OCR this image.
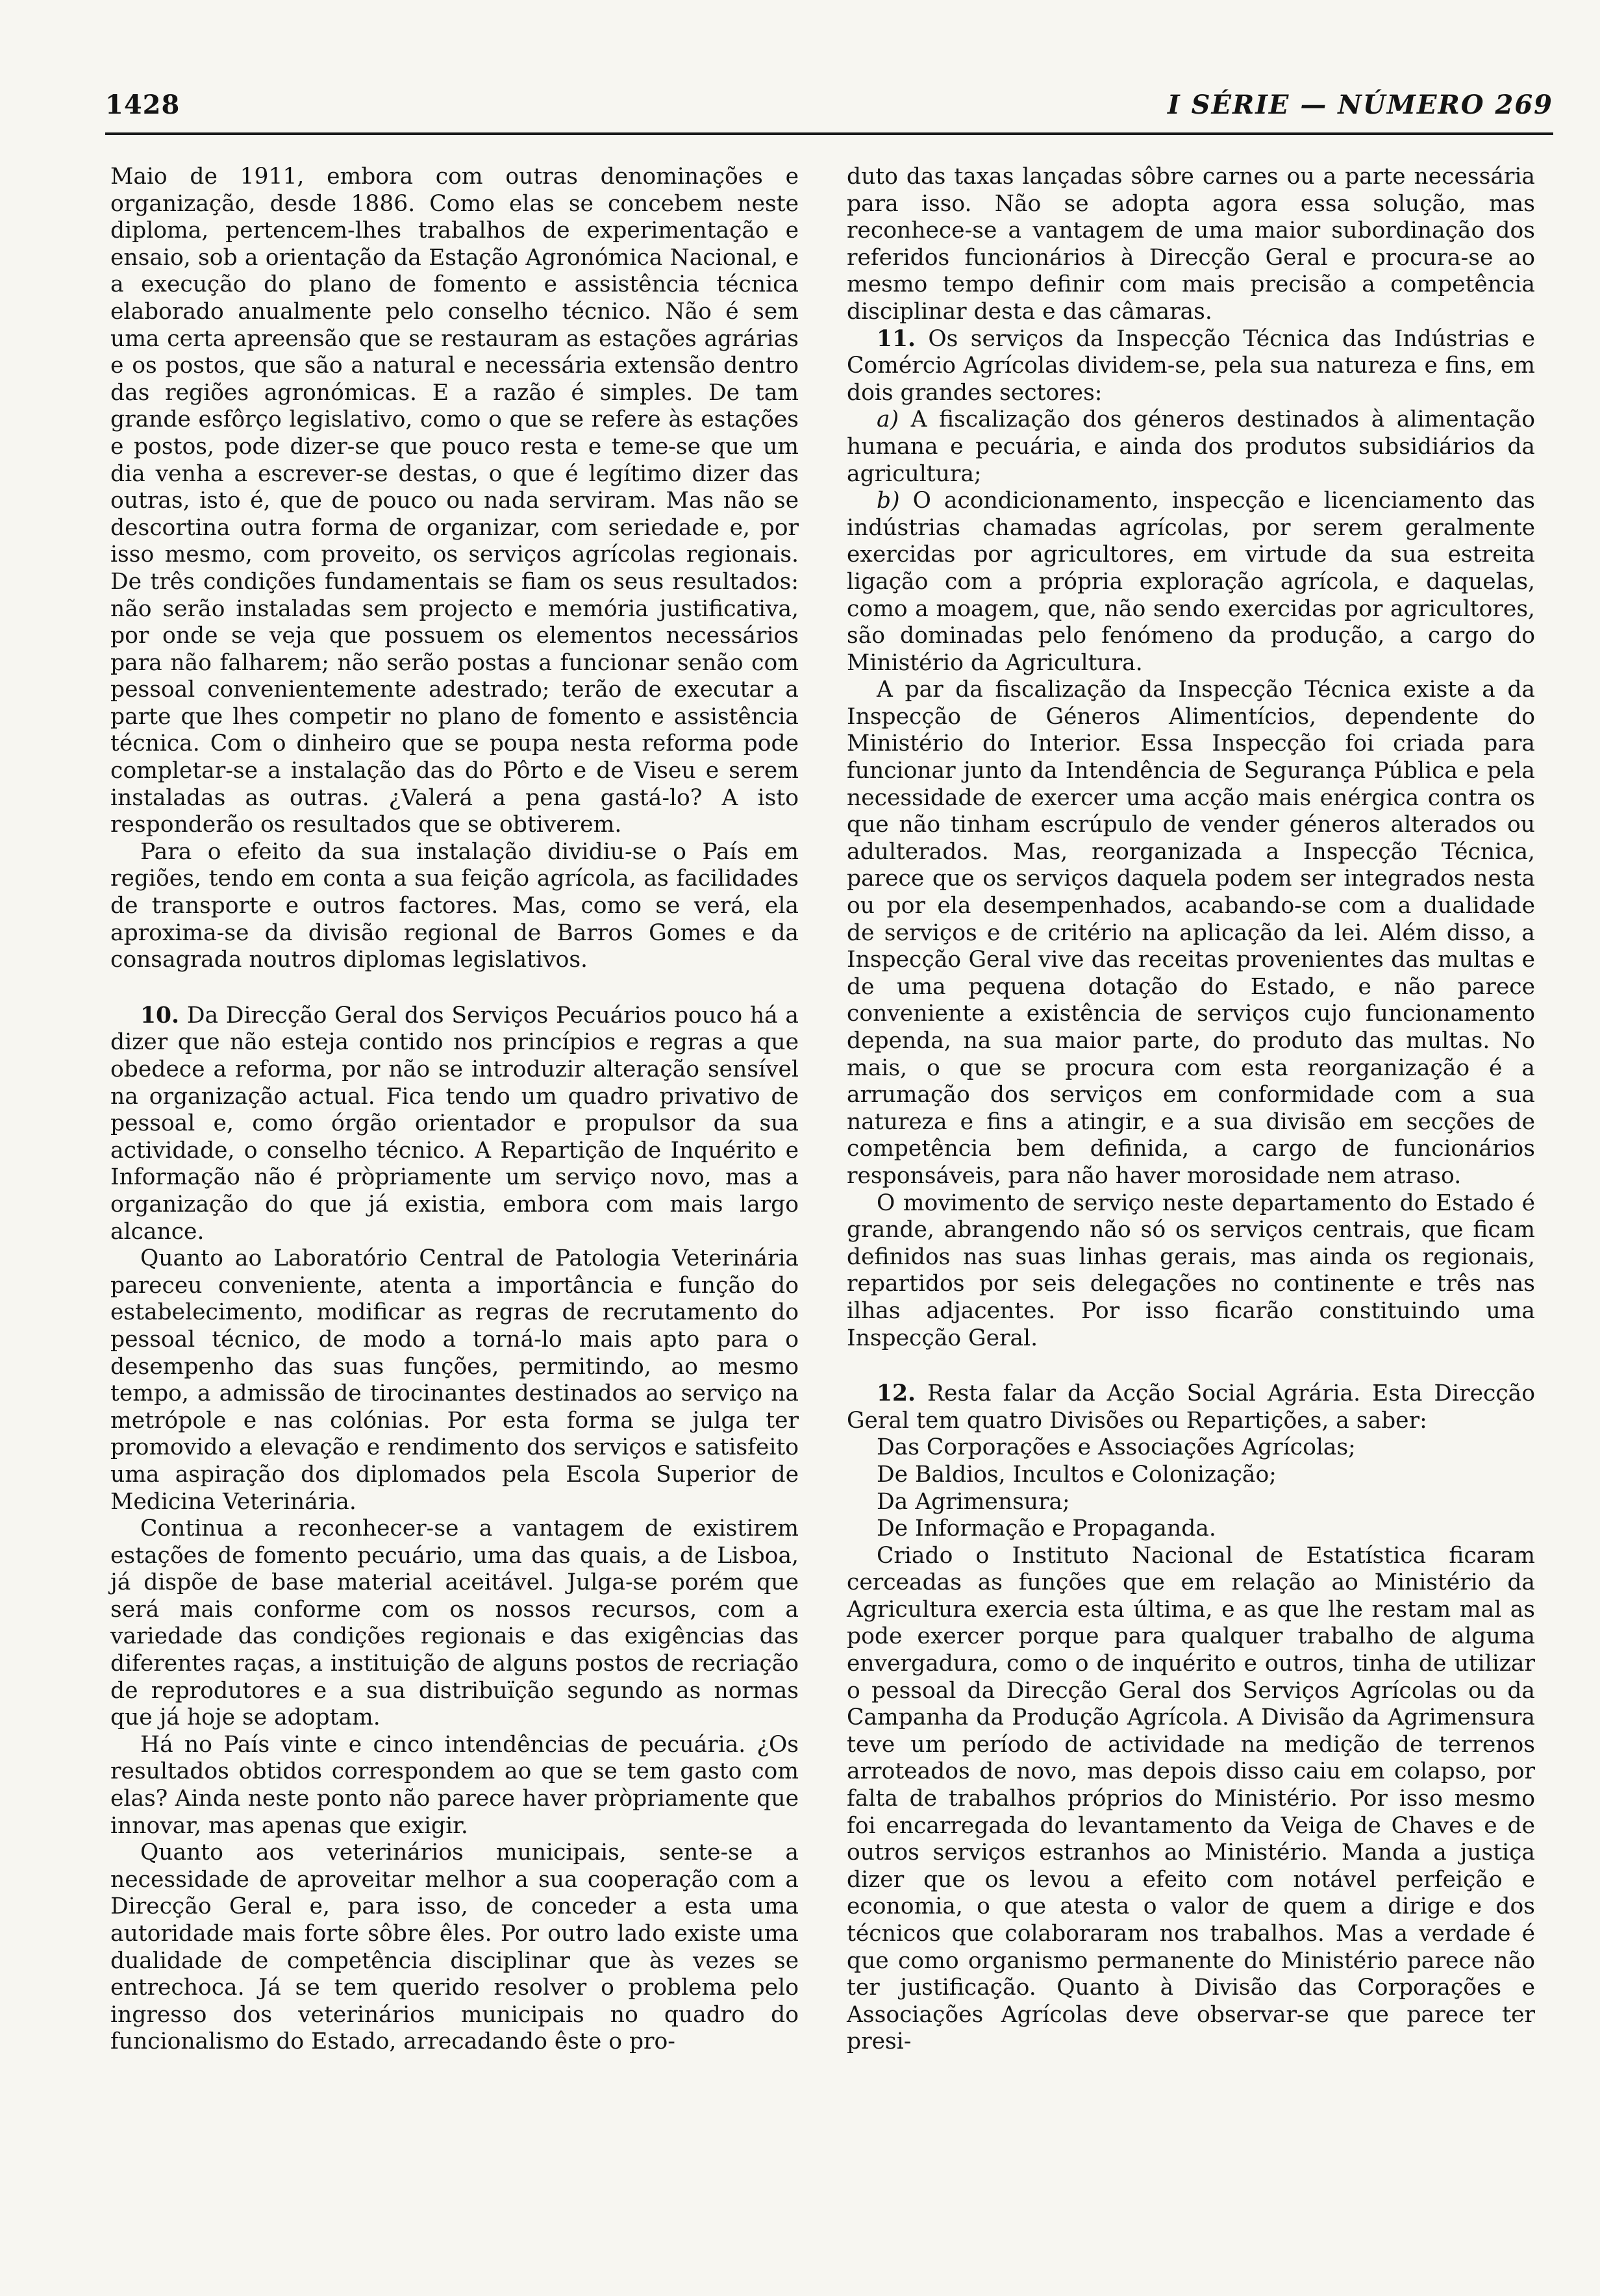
1428	I SÉRIE — NÚMERO 269

Maio de 1911, embora com outras denominações e organização, desde 1886. Como elas se concebem neste diploma, pertencem-lhes trabalhos de experimentação e ensaio, sob a orientação da Estação Agronómica Nacional, e a execução do plano de fomento e assistência técnica elaborado anualmente pelo conselho técnico. Não é sem uma certa apreensão que se restauram as estações agrárias e os postos, que são a natural e necessária extensão dentro das regiões agronómicas. E a razão é simples. De tam grande esfôrço legislativo, como o que se refere às estações e postos, pode dizer-se que pouco resta e teme-se que um dia venha a escrever-se destas, o que é legítimo dizer das outras, isto é, que de pouco ou nada serviram. Mas não se descortina outra forma de organizar, com seriedade e, por isso mesmo, com proveito, os serviços agrícolas regionais. De três condições fundamentais se fiam os seus resultados: não serão instaladas sem projecto e memória justificativa, por onde se veja que possuem os elementos necessários para não falharem; não serão postas a funcionar senão com pessoal convenientemente adestrado; terão de executar a parte que lhes competir no plano de fomento e assistência técnica. Com o dinheiro que se poupa nesta reforma pode completar-se a instalação das do Pôrto e de Viseu e serem instaladas as outras. ¿Valerá a pena gastá-lo? A isto responderão os resultados que se obtiverem.

Para o efeito da sua instalação dividiu-se o País em regiões, tendo em conta a sua feição agrícola, as facilidades de transporte e outros factores. Mas, como se verá, ela aproxima-se da divisão regional de Barros Gomes e da consagrada noutros diplomas legislativos.

10. Da Direcção Geral dos Serviços Pecuários pouco há a dizer que não esteja contido nos princípios e regras a que obedece a reforma, por não se introduzir alteração sensível na organização actual. Fica tendo um quadro privativo de pessoal e, como órgão orientador e propulsor da sua actividade, o conselho técnico. A Repartição de Inquérito e Informação não é pròpriamente um serviço novo, mas a organização do que já existia, embora com mais largo alcance.

Quanto ao Laboratório Central de Patologia Veterinária pareceu conveniente, atenta a importância e função do estabelecimento, modificar as regras de recrutamento do pessoal técnico, de modo a torná-lo mais apto para o desempenho das suas funções, permitindo, ao mesmo tempo, a admissão de tirocinantes destinados ao serviço na metrópole e nas colónias. Por esta forma se julga ter promovido a elevação e rendimento dos serviços e satisfeito uma aspiração dos diplomados pela Escola Superior de Medicina Veterinária.

Continua a reconhecer-se a vantagem de existirem estações de fomento pecuário, uma das quais, a de Lisboa, já dispõe de base material aceitável. Julga-se porém que será mais conforme com os nossos recursos, com a variedade das condições regionais e das exigências das diferentes raças, a instituição de alguns postos de recriação de reprodutores e a sua distribuïção segundo as normas que já hoje se adoptam.

Há no País vinte e cinco intendências de pecuária. ¿Os resultados obtidos correspondem ao que se tem gasto com elas? Ainda neste ponto não parece haver pròpriamente que innovar, mas apenas que exigir.

Quanto aos veterinários municipais, sente-se a necessidade de aproveitar melhor a sua cooperação com a Direcção Geral e, para isso, de conceder a esta uma autoridade mais forte sôbre êles. Por outro lado existe uma dualidade de competência disciplinar que às vezes se entrechoca. Já se tem querido resolver o problema pelo ingresso dos veterinários municipais no quadro do funcionalismo do Estado, arrecadando êste o pro-

duto das taxas lançadas sôbre carnes ou a parte necessária para isso. Não se adopta agora essa solução, mas reconhece-se a vantagem de uma maior subordinação dos referidos funcionários à Direcção Geral e procura-se ao mesmo tempo definir com mais precisão a competência disciplinar desta e das câmaras.

11. Os serviços da Inspecção Técnica das Indústrias e Comércio Agrícolas dividem-se, pela sua natureza e fins, em dois grandes sectores:

a) A fiscalização dos géneros destinados à alimentação humana e pecuária, e ainda dos produtos subsidiários da agricultura;

b) O acondicionamento, inspecção e licenciamento das indústrias chamadas agrícolas, por serem geralmente exercidas por agricultores, em virtude da sua estreita ligação com a própria exploração agrícola, e daquelas, como a moagem, que, não sendo exercidas por agricultores, são dominadas pelo fenómeno da produção, a cargo do Ministério da Agricultura.

A par da fiscalização da Inspecção Técnica existe a da Inspecção de Géneros Alimentícios, dependente do Ministério do Interior. Essa Inspecção foi criada para funcionar junto da Intendência de Segurança Pública e pela necessidade de exercer uma acção mais enérgica contra os que não tinham escrúpulo de vender géneros alterados ou adulterados. Mas, reorganizada a Inspecção Técnica, parece que os serviços daquela podem ser integrados nesta ou por ela desempenhados, acabando-se com a dualidade de serviços e de critério na aplicação da lei. Além disso, a Inspecção Geral vive das receitas provenientes das multas e de uma pequena dotação do Estado, e não parece conveniente a existência de serviços cujo funcionamento dependa, na sua maior parte, do produto das multas. No mais, o que se procura com esta reorganização é a arrumação dos serviços em conformidade com a sua natureza e fins a atingir, e a sua divisão em secções de competência bem definida, a cargo de funcionários responsáveis, para não haver morosidade nem atraso.

O movimento de serviço neste departamento do Estado é grande, abrangendo não só os serviços centrais, que ficam definidos nas suas linhas gerais, mas ainda os regionais, repartidos por seis delegações no continente e três nas ilhas adjacentes. Por isso ficarão constituindo uma Inspecção Geral.

12. Resta falar da Acção Social Agrária. Esta Direcção Geral tem quatro Divisões ou Repartições, a saber:

Das Corporações e Associações Agrícolas;
De Baldios, Incultos e Colonização;
Da Agrimensura;
De Informação e Propaganda.

Criado o Instituto Nacional de Estatística ficaram cerceadas as funções que em relação ao Ministério da Agricultura exercia esta última, e as que lhe restam mal as pode exercer porque para qualquer trabalho de alguma envergadura, como o de inquérito e outros, tinha de utilizar o pessoal da Direcção Geral dos Serviços Agrícolas ou da Campanha da Produção Agrícola. A Divisão da Agrimensura teve um período de actividade na medição de terrenos arroteados de novo, mas depois disso caiu em colapso, por falta de trabalhos próprios do Ministério. Por isso mesmo foi encarregada do levantamento da Veiga de Chaves e de outros serviços estranhos ao Ministério. Manda a justiça dizer que os levou a efeito com notável perfeição e economia, o que atesta o valor de quem a dirige e dos técnicos que colaboraram nos trabalhos. Mas a verdade é que como organismo permanente do Ministério parece não ter justificação. Quanto à Divisão das Corporações e Associações Agrícolas deve observar-se que parece ter presi-
